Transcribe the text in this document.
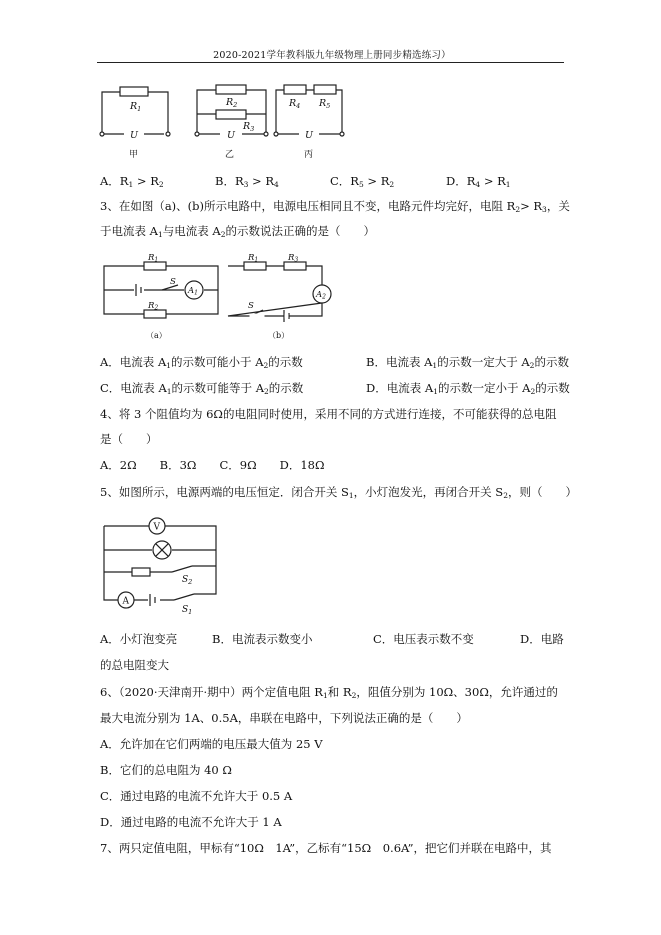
2020-2021学年教科版九年级物理上册同步精选练习）
$R_1$
$R_2$
$R_3$
$R_4$ $R_5$
U	U	U
甲	乙	丙
A．$R_1 > R_2$	B．$R_3 > R_4$	C．$R_5 > R_2$	D．$R_4 > R_1$
3、在如图（a)、(b)所示电路中，电源电压相同且不变，电路元件均完好，电阻 $R_2> R_3$，关
于电流表 $A_1$与电流表 $A_2$的示数说法正确的是（　　）
R1
R2
S
A1
R1	R3
S
A2
（a）	（b）
A．电流表 $A_1$的示数可能小于 $A_2$的示数	B．电流表 $A_1$的示数一定大于 $A_2$的示数
C．电流表 $A_1$的示数可能等于 $A_2$的示数	D．电流表 $A_1$的示数一定小于 $A_2$的示数
4、将 3 个阻值均为 6Ω的电阻同时使用，采用不同的方式进行连接，不可能获得的总电阻
是（　　）
A．2Ω　　B．3Ω　　C．9Ω　　D．18Ω
5、如图所示，电源两端的电压恒定．闭合开关 $S_1$，小灯泡发光，再闭合开关 $S_2$，则（　　）
V
A
$S_2$
$S_1$
A．小灯泡变亮	B．电流表示数变小	C．电压表示数不变	D．电路
的总电阻变大
6、（2020·天津南开·期中）两个定值电阻 $R_1$和 $R_2$，阻值分别为 10Ω、30Ω，允许通过的
最大电流分别为 1A、0.5A，串联在电路中，下列说法正确的是（　　）
A．允许加在它们两端的电压最大值为 25 V
B．它们的总电阻为 40 Ω
C．通过电路的电流不允许大于 0.5 A
D．通过电路的电流不允许大于 1 A
7、两只定值电阻，甲标有“10Ω　1A”，乙标有“15Ω　0.6A”，把它们并联在电路中，其
